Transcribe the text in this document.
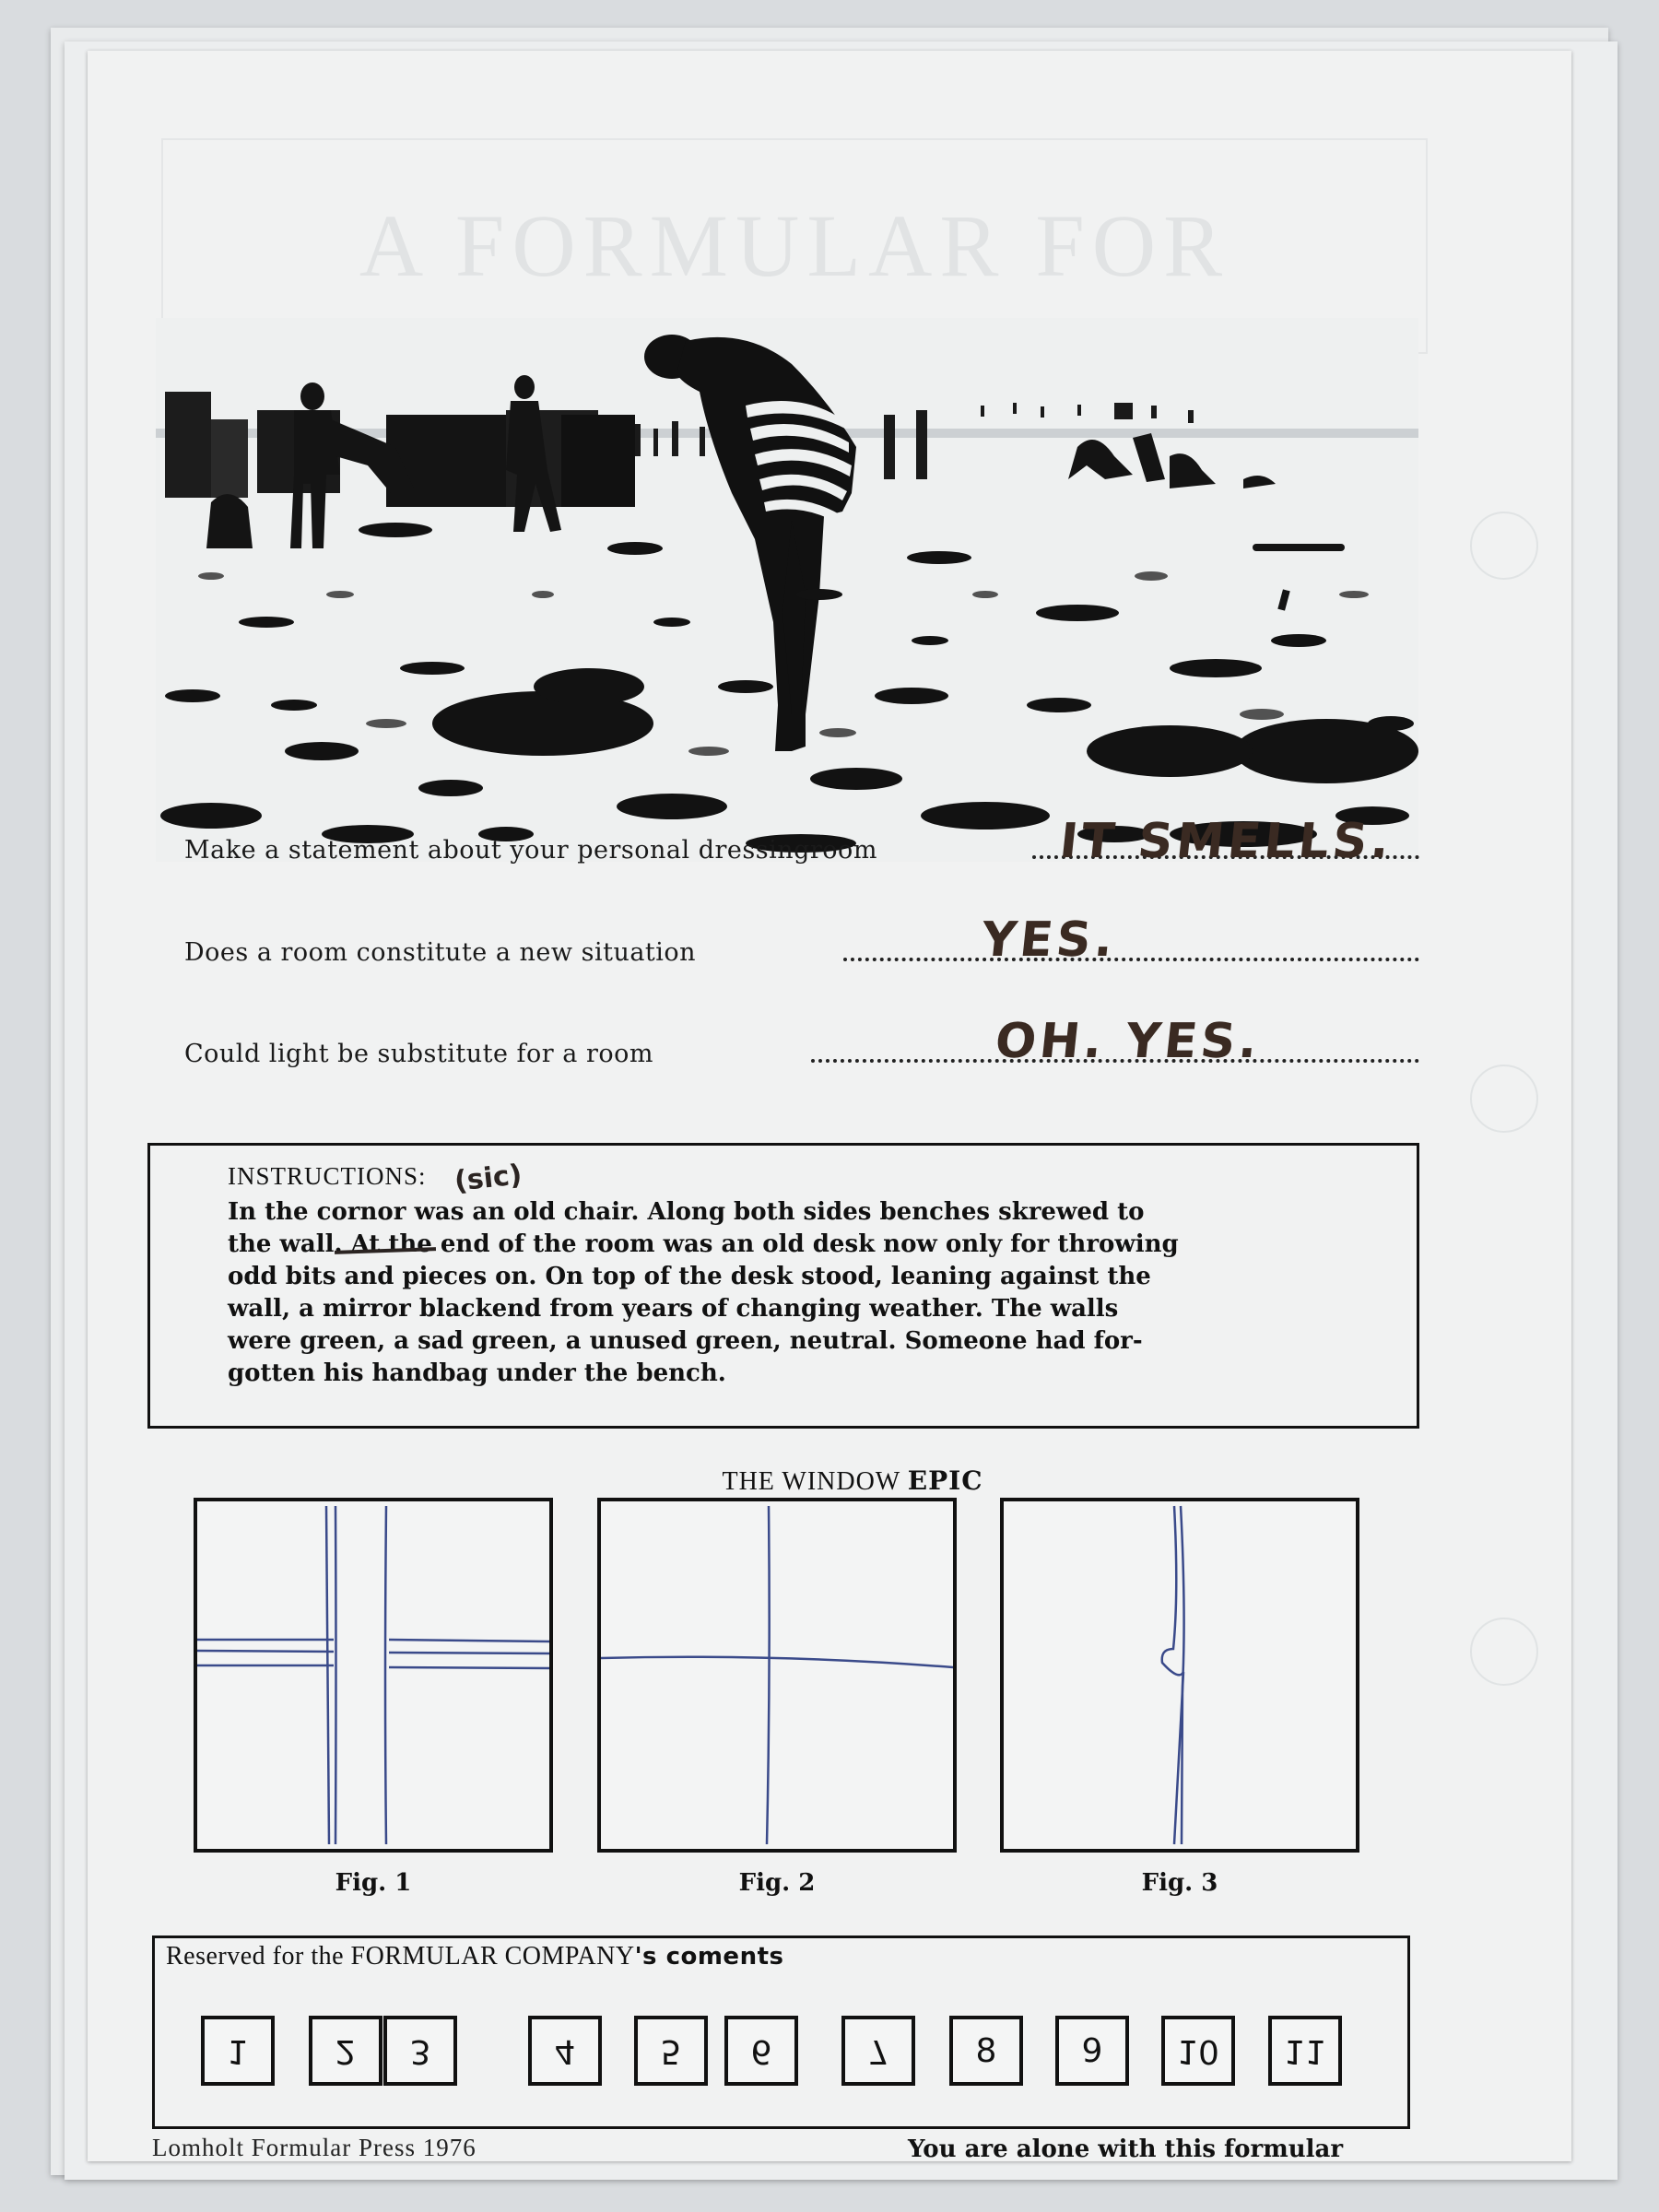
A FORMULAR FOR
Make a statement about your personal dressingroom	IT SMELLS.
Does a room constitute a new situation	YES.
Could light be substitute for a room	OH. YES.

INSTRUCTIONS:

In the cornor was an old chair. Along both sides benches skrewed to
the wall. At the end of the room was an old desk now only for throwing
odd bits and pieces on. On top of the desk stood, leaning against the
wall, a mirror blackend from years of changing weather. The walls
were green, a sad green, a unused green, neutral. Someone had for-
gotten his handbag under the bench.

(sic)
THE WINDOW EPIC
Fig. 1	Fig. 2	Fig. 3
Reserved for the FORMULAR COMPANY's coments
1	2 3	4	5 6	7	8	9 10 11
Lomholt Formular Press 1976	You are alone with this formular
